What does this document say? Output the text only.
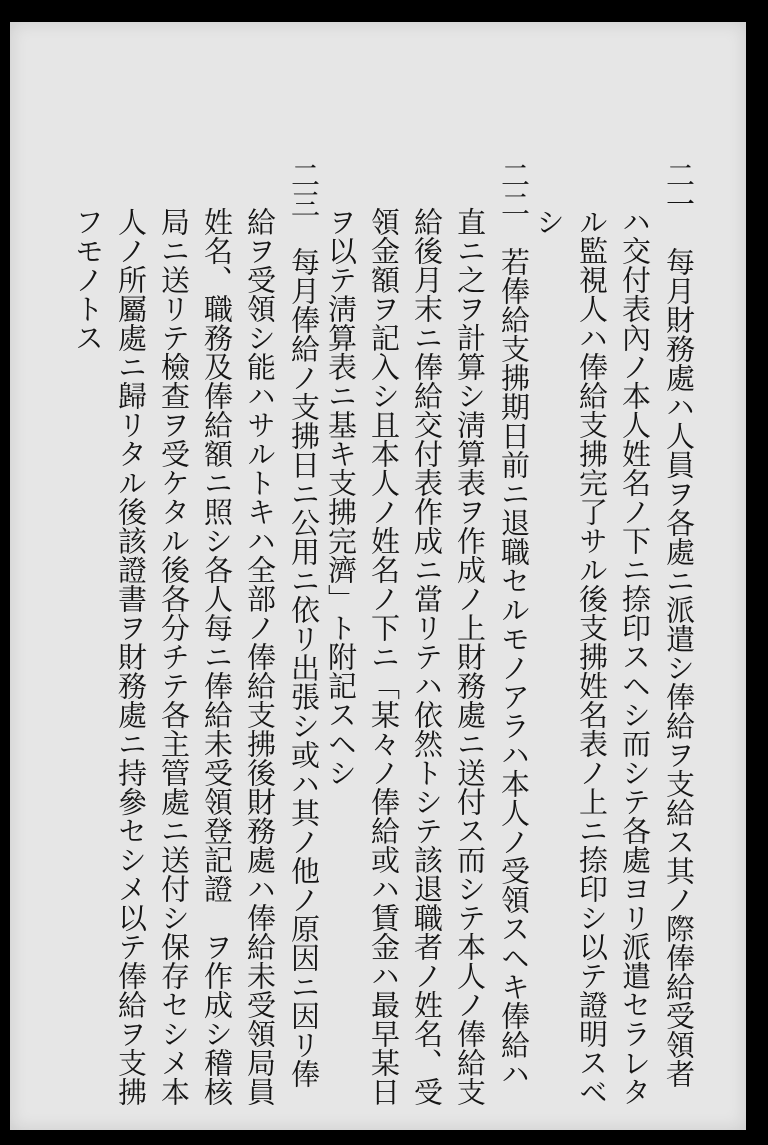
二一　每月財務處ハ人員ヲ各處ニ派遣シ俸給ヲ支給ス其ノ際俸給受領者
ハ交付表內ノ本人姓名ノ下ニ捺印スヘシ而シテ各處ヨリ派遣セラレタ
ル監視人ハ俸給支拂完了サル後支拂姓名表ノ上ニ捺印シ以テ證明スベ
シ
二二　若俸給支拂期日前ニ退職セルモノアラハ本人ノ受領スヘキ俸給ハ
直ニ之ヲ計算シ淸算表ヲ作成ノ上財務處ニ送付ス而シテ本人ノ俸給支
給後月末ニ俸給交付表作成ニ當リテハ依然トシテ該退職者ノ姓名、受
領金額ヲ記入シ且本人ノ姓名ノ下ニ「某々ノ俸給或ハ賃金ハ最早某日
ヲ以テ淸算表ニ基キ支拂完濟」ト附記スヘシ
二三　每月俸給ノ支拂日ニ公用ニ依リ出張シ或ハ其ノ他ノ原因ニ因リ俸
給ヲ受領シ能ハサルトキハ全部ノ俸給支拂後財務處ハ俸給未受領局員
姓名、職務及俸給額ニ照シ各人每ニ俸給未受領登記證　ヲ作成シ稽核
局ニ送リテ檢查ヲ受ケタル後各分チテ各主管處ニ送付シ保存セシメ本
人ノ所屬處ニ歸リタル後該證書ヲ財務處ニ持參セシメ以テ俸給ヲ支拂
フモノトス
